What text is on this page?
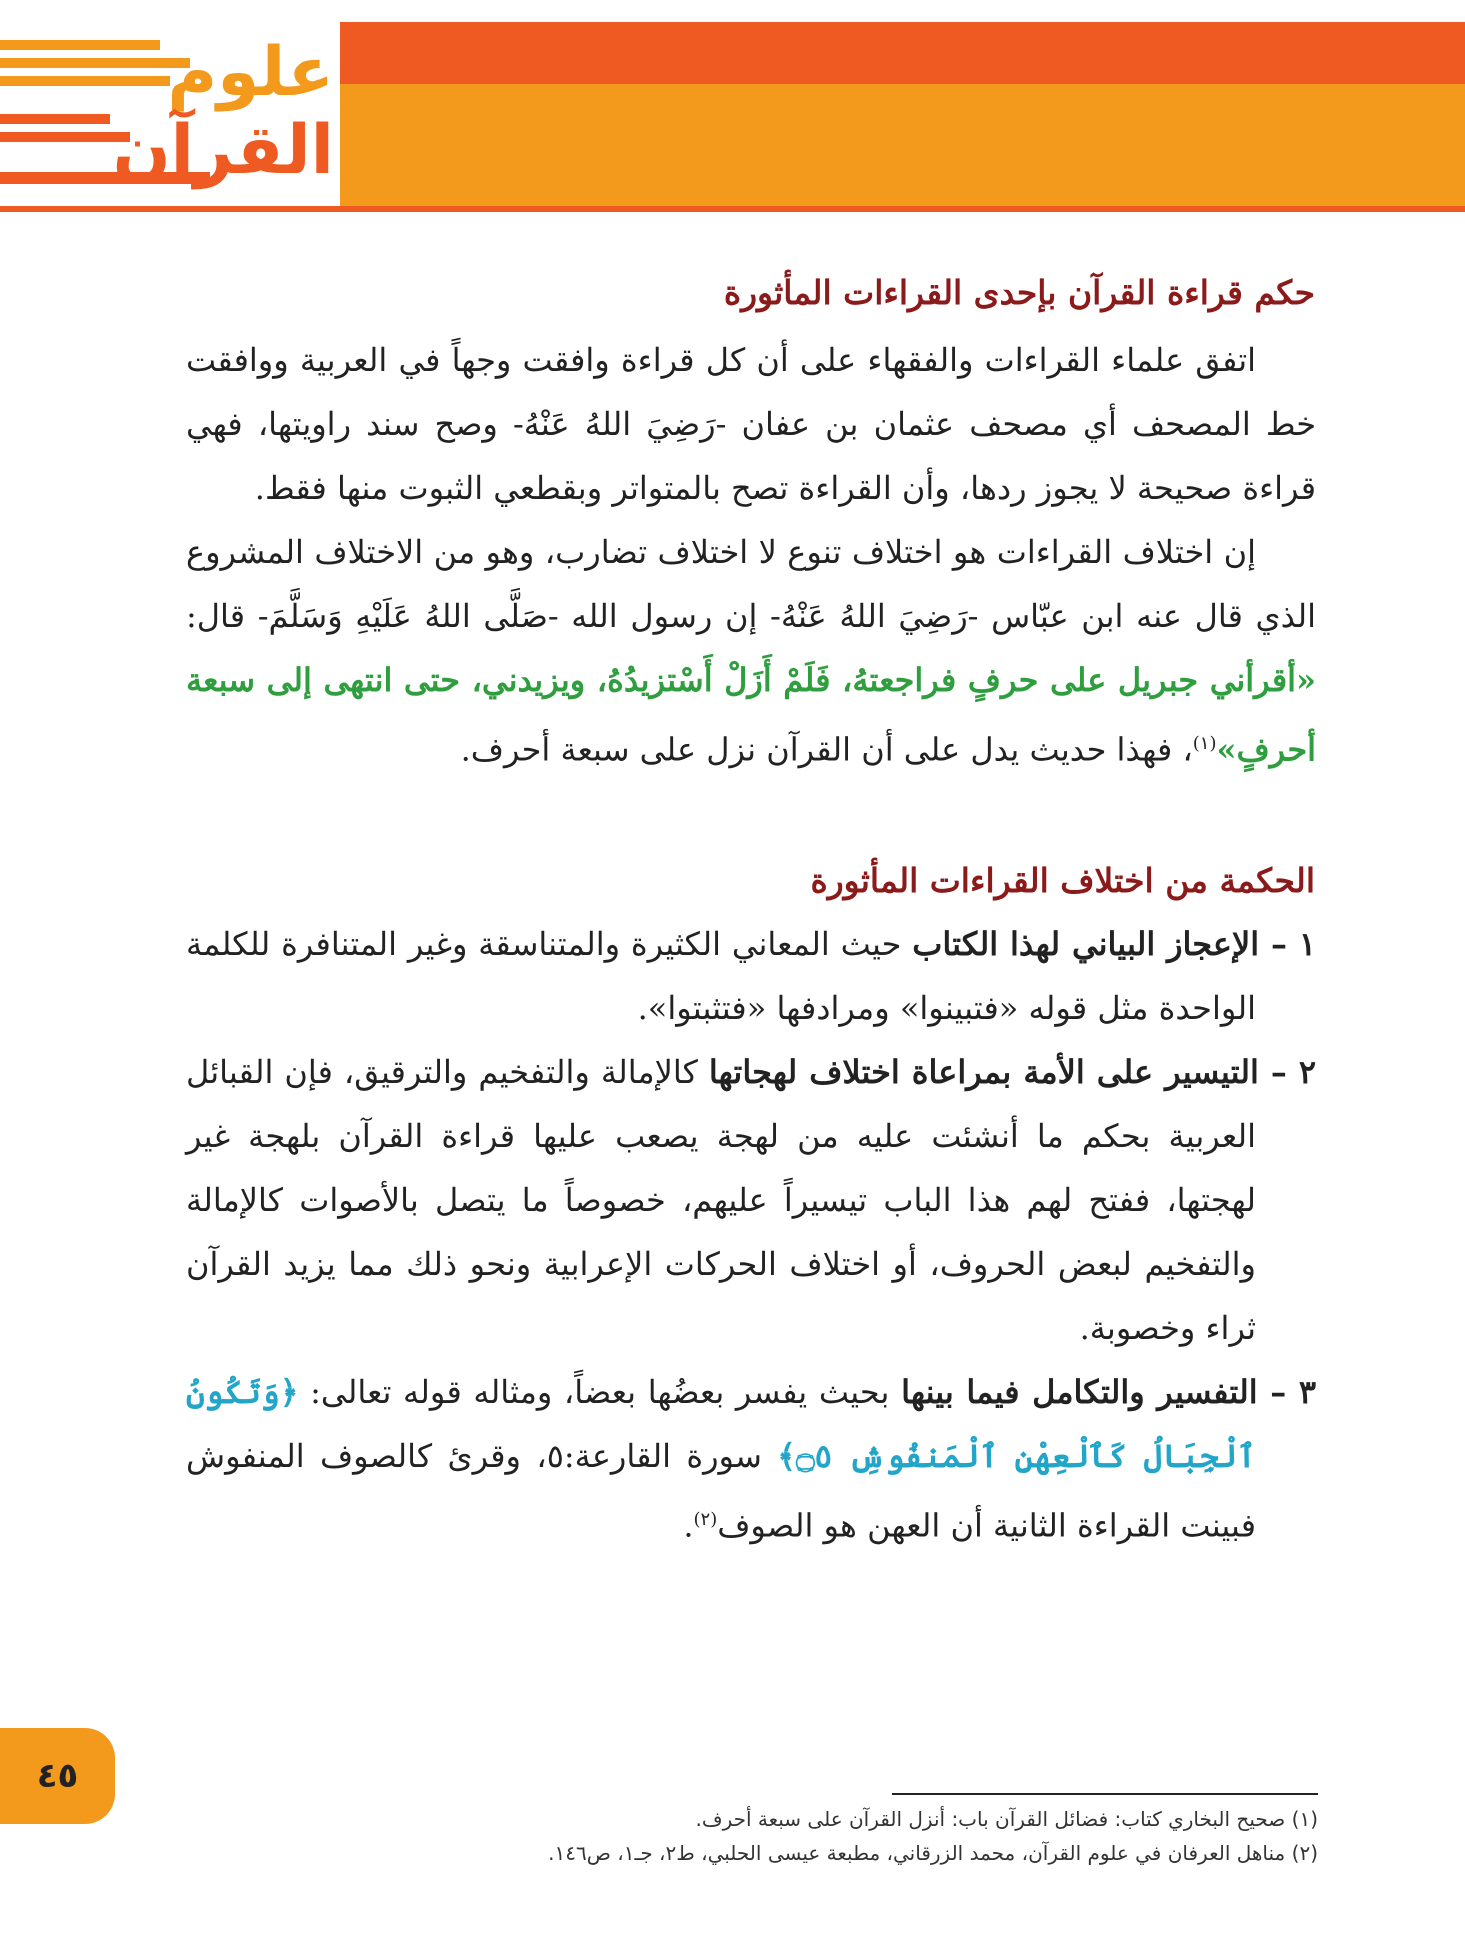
علوم
القرآن
حكم قراءة القرآن بإحدى القراءات المأثورة

اتفق علماء القراءات والفقهاء على أن كل قراءة وافقت وجهاً في العربية ووافقت خط المصحف أي مصحف عثمان بن عفان -رَضِيَ اللهُ عَنْهُ- وصح سند راويتها، فهي قراءة صحيحة لا يجوز ردها، وأن القراءة تصح بالمتواتر وبقطعي الثبوت منها فقط.

إن اختلاف القراءات هو اختلاف تنوع لا اختلاف تضارب، وهو من الاختلاف المشروع الذي قال عنه ابن عبّاس -رَضِيَ اللهُ عَنْهُ- إن رسول الله -صَلَّى اللهُ عَلَيْهِ وَسَلَّمَ- قال: «أقرأني جبريل على حرفٍ فراجعتهُ، فَلَمْ أَزَلْ أَسْتزيدُهُ، ويزيدني، حتى انتهى إلى سبعة أحرفٍ»$^{(١)}$، فهذا حديث يدل على أن القرآن نزل على سبعة أحرف.

الحكمة من اختلاف القراءات المأثورة
١ – الإعجاز البياني لهذا الكتاب حيث المعاني الكثيرة والمتناسقة وغير المتنافرة للكلمة الواحدة مثل قوله «فتبينوا» ومرادفها «فتثبتوا».
٢ – التيسير على الأمة بمراعاة اختلاف لهجاتها كالإمالة والتفخيم والترقيق، فإن القبائل العربية بحكم ما أنشئت عليه من لهجة يصعب عليها قراءة القرآن بلهجة غير لهجتها، ففتح لهم هذا الباب تيسيراً عليهم، خصوصاً ما يتصل بالأصوات كالإمالة والتفخيم لبعض الحروف، أو اختلاف الحركات الإعرابية ونحو ذلك مما يزيد القرآن ثراء وخصوبة.
٣ – التفسير والتكامل فيما بينها بحيث يفسر بعضُها بعضاً، ومثاله قوله تعالى: ﴿وَتَكُونُ ٱلْجِبَالُ كَٱلْعِهْنِ ٱلْمَنفُوشِ ۝٥﴾ سورة القارعة:٥، وقرئ كالصوف المنفوش فبينت القراءة الثانية أن العهن هو الصوف$^{(٢)}$.
٤٥
(١) صحيح البخاري كتاب: فضائل القرآن باب: أنزل القرآن على سبعة أحرف.
(٢) مناهل العرفان في علوم القرآن، محمد الزرقاني، مطبعة عيسى الحلبي، ط٢، جـ١، ص١٤٦.
